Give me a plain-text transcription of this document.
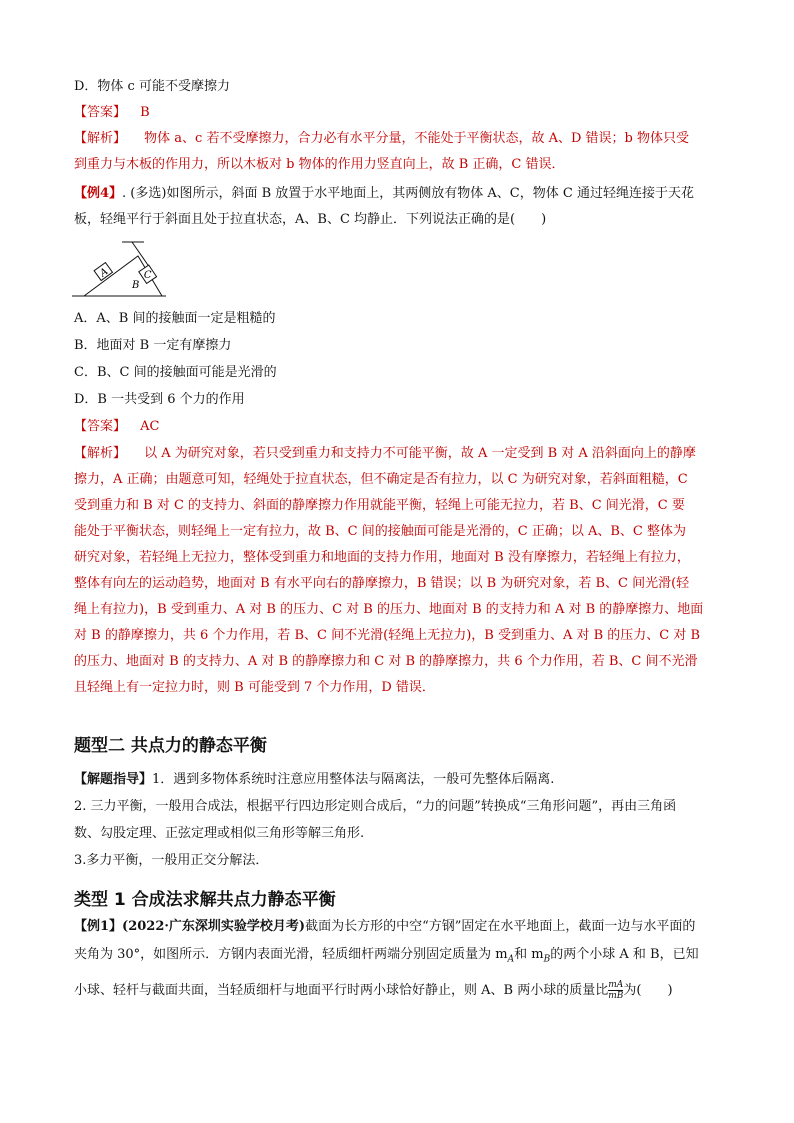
D．物体 c 可能不受摩擦力
【答案】 B
【解析】 物体 a、c 若不受摩擦力，合力必有水平分量，不能处于平衡状态，故 A、D 错误；b 物体只受
到重力与木板的作用力，所以木板对 b 物体的作用力竖直向上，故 B 正确，C 错误．
【例4】. (多选)如图所示，斜面 B 放置于水平地面上，其两侧放有物体 A、C，物体 C 通过轻绳连接于天花
板，轻绳平行于斜面且处于拉直状态，A、B、C 均静止．下列说法正确的是(　　)
A	C
B
A．A、B 间的接触面一定是粗糙的
B．地面对 B 一定有摩擦力
C．B、C 间的接触面可能是光滑的
D．B 一共受到 6 个力的作用
【答案】 AC
【解析】 以 A 为研究对象，若只受到重力和支持力不可能平衡，故 A 一定受到 B 对 A 沿斜面向上的静摩
擦力，A 正确；由题意可知，轻绳处于拉直状态，但不确定是否有拉力，以 C 为研究对象，若斜面粗糙，C
受到重力和 B 对 C 的支持力、斜面的静摩擦力作用就能平衡，轻绳上可能无拉力，若 B、C 间光滑，C 要
能处于平衡状态，则轻绳上一定有拉力，故 B、C 间的接触面可能是光滑的，C 正确；以 A、B、C 整体为
研究对象，若轻绳上无拉力，整体受到重力和地面的支持力作用，地面对 B 没有摩擦力，若轻绳上有拉力，
整体有向左的运动趋势，地面对 B 有水平向右的静摩擦力，B 错误；以 B 为研究对象，若 B、C 间光滑(轻
绳上有拉力)，B 受到重力、A 对 B 的压力、C 对 B 的压力、地面对 B 的支持力和 A 对 B 的静摩擦力、地面
对 B 的静摩擦力，共 6 个力作用，若 B、C 间不光滑(轻绳上无拉力)，B 受到重力、A 对 B 的压力、C 对 B
的压力、地面对 B 的支持力、A 对 B 的静摩擦力和 C 对 B 的静摩擦力，共 6 个力作用，若 B、C 间不光滑
且轻绳上有一定拉力时，则 B 可能受到 7 个力作用，D 错误．
题型二 共点力的静态平衡
【解题指导】1．遇到多物体系统时注意应用整体法与隔离法，一般可先整体后隔离.
2. 三力平衡，一般用合成法，根据平行四边形定则合成后，“力的问题”转换成“三角形问题”，再由三角函
数、勾股定理、正弦定理或相似三角形等解三角形.
3.多力平衡，一般用正交分解法．
类型 1 合成法求解共点力静态平衡
【例1】(2022·广东深圳实验学校月考)截面为长方形的中空“方钢”固定在水平地面上，截面一边与水平面的
夹角为 30°，如图所示．方钢内表面光滑，轻质细杆两端分别固定质量为 $m_A$和 $m_B$的两个小球 A 和 B，已知
小球、轻杆与截面共面，当轻质细杆与地面平行时两小球恰好静止，则 A、B 两小球的质量比 $\frac{mA}{mB}$ 为(　　)
